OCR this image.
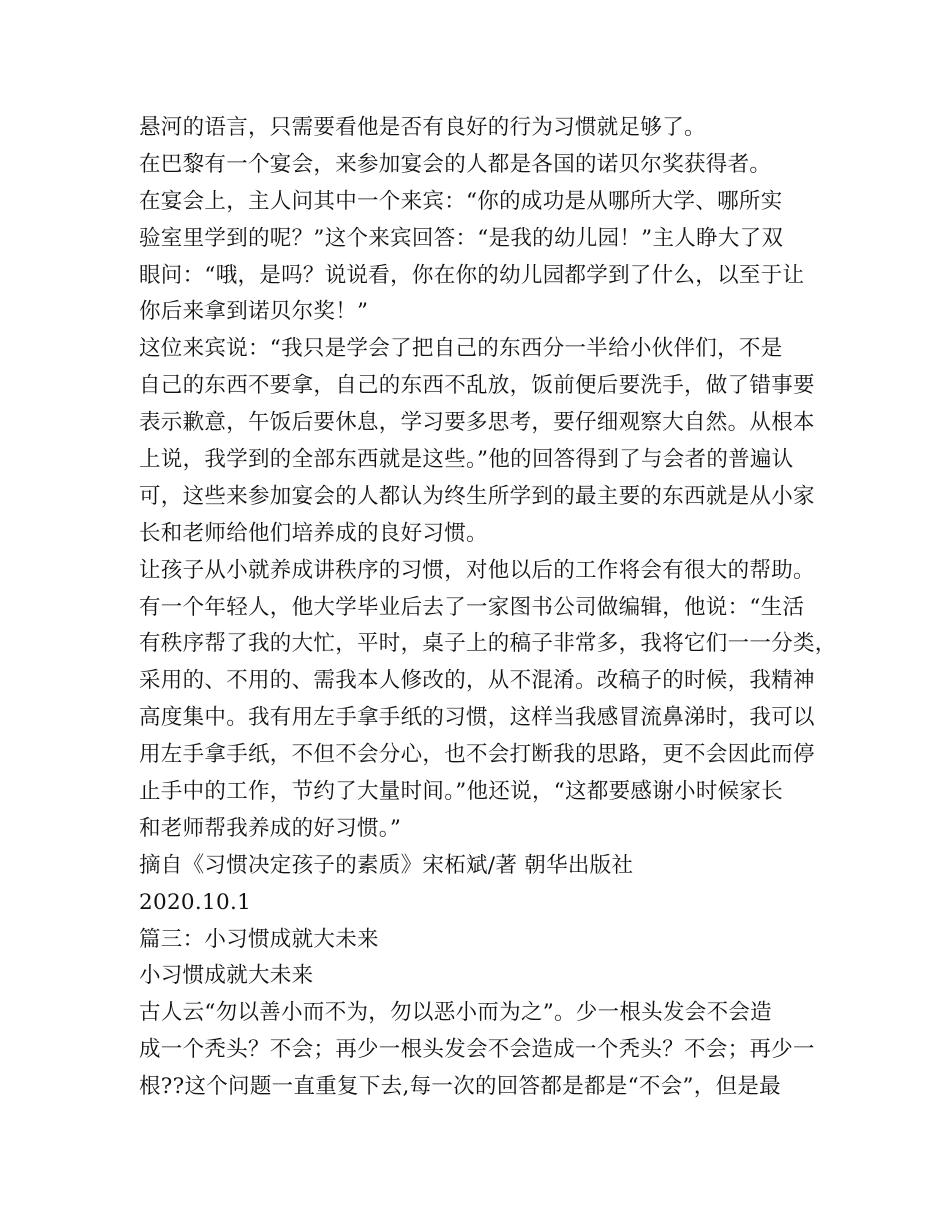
悬河的语言，只需要看他是否有良好的行为习惯就足够了。
在巴黎有一个宴会，来参加宴会的人都是各国的诺贝尔奖获得者。
在宴会上，主人问其中一个来宾：“你的成功是从哪所大学、哪所实
验室里学到的呢？”这个来宾回答：“是我的幼儿园！”主人睁大了双
眼问：“哦，是吗？说说看，你在你的幼儿园都学到了什么，以至于让
你后来拿到诺贝尔奖！”
这位来宾说：“我只是学会了把自己的东西分一半给小伙伴们，不是
自己的东西不要拿，自己的东西不乱放，饭前便后要洗手，做了错事要
表示歉意，午饭后要休息，学习要多思考，要仔细观察大自然。从根本
上说，我学到的全部东西就是这些。”他的回答得到了与会者的普遍认
可，这些来参加宴会的人都认为终生所学到的最主要的东西就是从小家
长和老师给他们培养成的良好习惯。
让孩子从小就养成讲秩序的习惯，对他以后的工作将会有很大的帮助。
有一个年轻人，他大学毕业后去了一家图书公司做编辑，他说：“生活
有秩序帮了我的大忙，平时，桌子上的稿子非常多，我将它们一一分类，
采用的、不用的、需我本人修改的，从不混淆。改稿子的时候，我精神
高度集中。我有用左手拿手纸的习惯，这样当我感冒流鼻涕时，我可以
用左手拿手纸，不但不会分心，也不会打断我的思路，更不会因此而停
止手中的工作，节约了大量时间。”他还说，“这都要感谢小时候家长
和老师帮我养成的好习惯。”
摘自《习惯决定孩子的素质》宋柘斌/著 朝华出版社
2020.10.1
篇三：小习惯成就大未来
小习惯成就大未来
古人云“勿以善小而不为，勿以恶小而为之”。少一根头发会不会造
成一个秃头？不会；再少一根头发会不会造成一个秃头？不会；再少一
根??这个问题一直重复下去,每一次的回答都是都是“不会”，但是最
